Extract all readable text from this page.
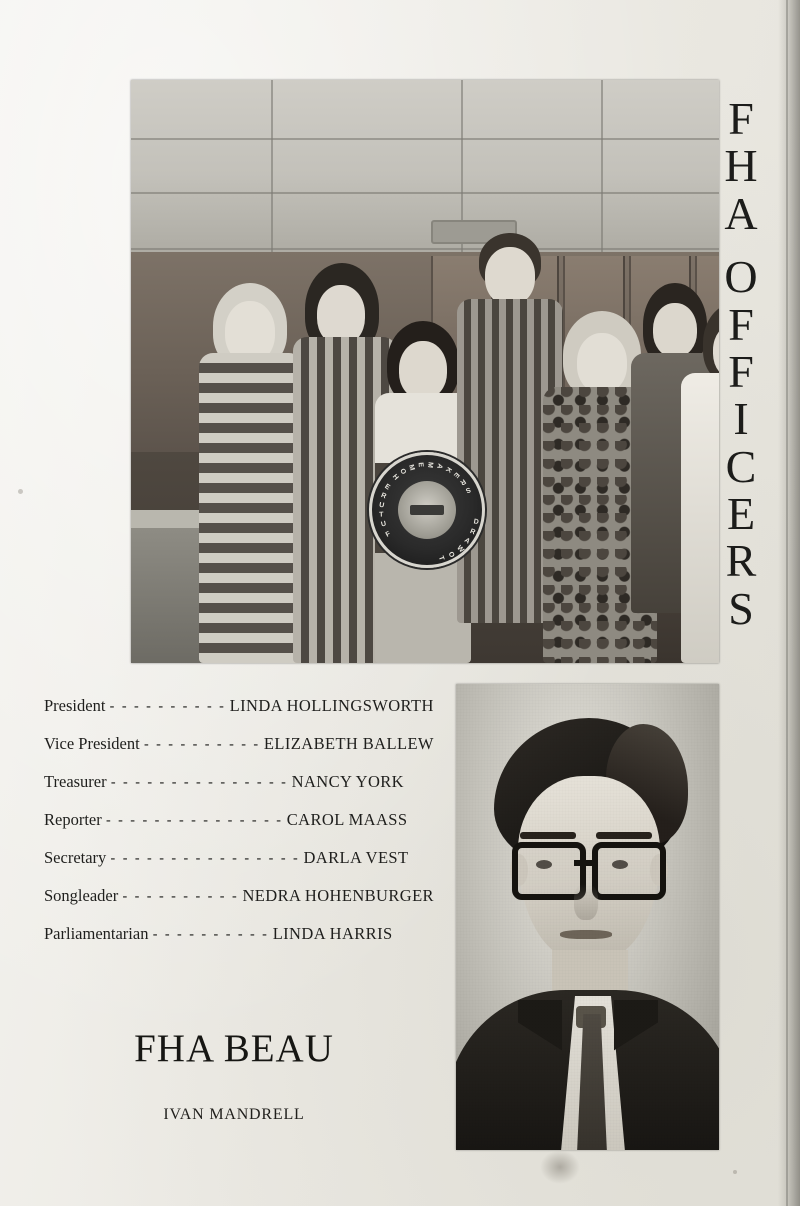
F
U
T
U
R
E
H
O M E M A K
E
R
S
T O
W
A
R
D
F
H
A
O
F
F
I
C
E
R
S
President - - - - - - - - - - LINDA HOLLINGSWORTH
Vice President - - - - - - - - - - ELIZABETH BALLEW
Treasurer - - - - - - - - - - - - - - - NANCY YORK
Reporter - - - - - - - - - - - - - - - CAROL MAASS
Secretary - - - - - - - - - - - - - - - - DARLA VEST
Songleader - - - - - - - - - - NEDRA HOHENBURGER
Parliamentarian - - - - - - - - - - LINDA HARRIS
FHA BEAU
IVAN MANDRELL
